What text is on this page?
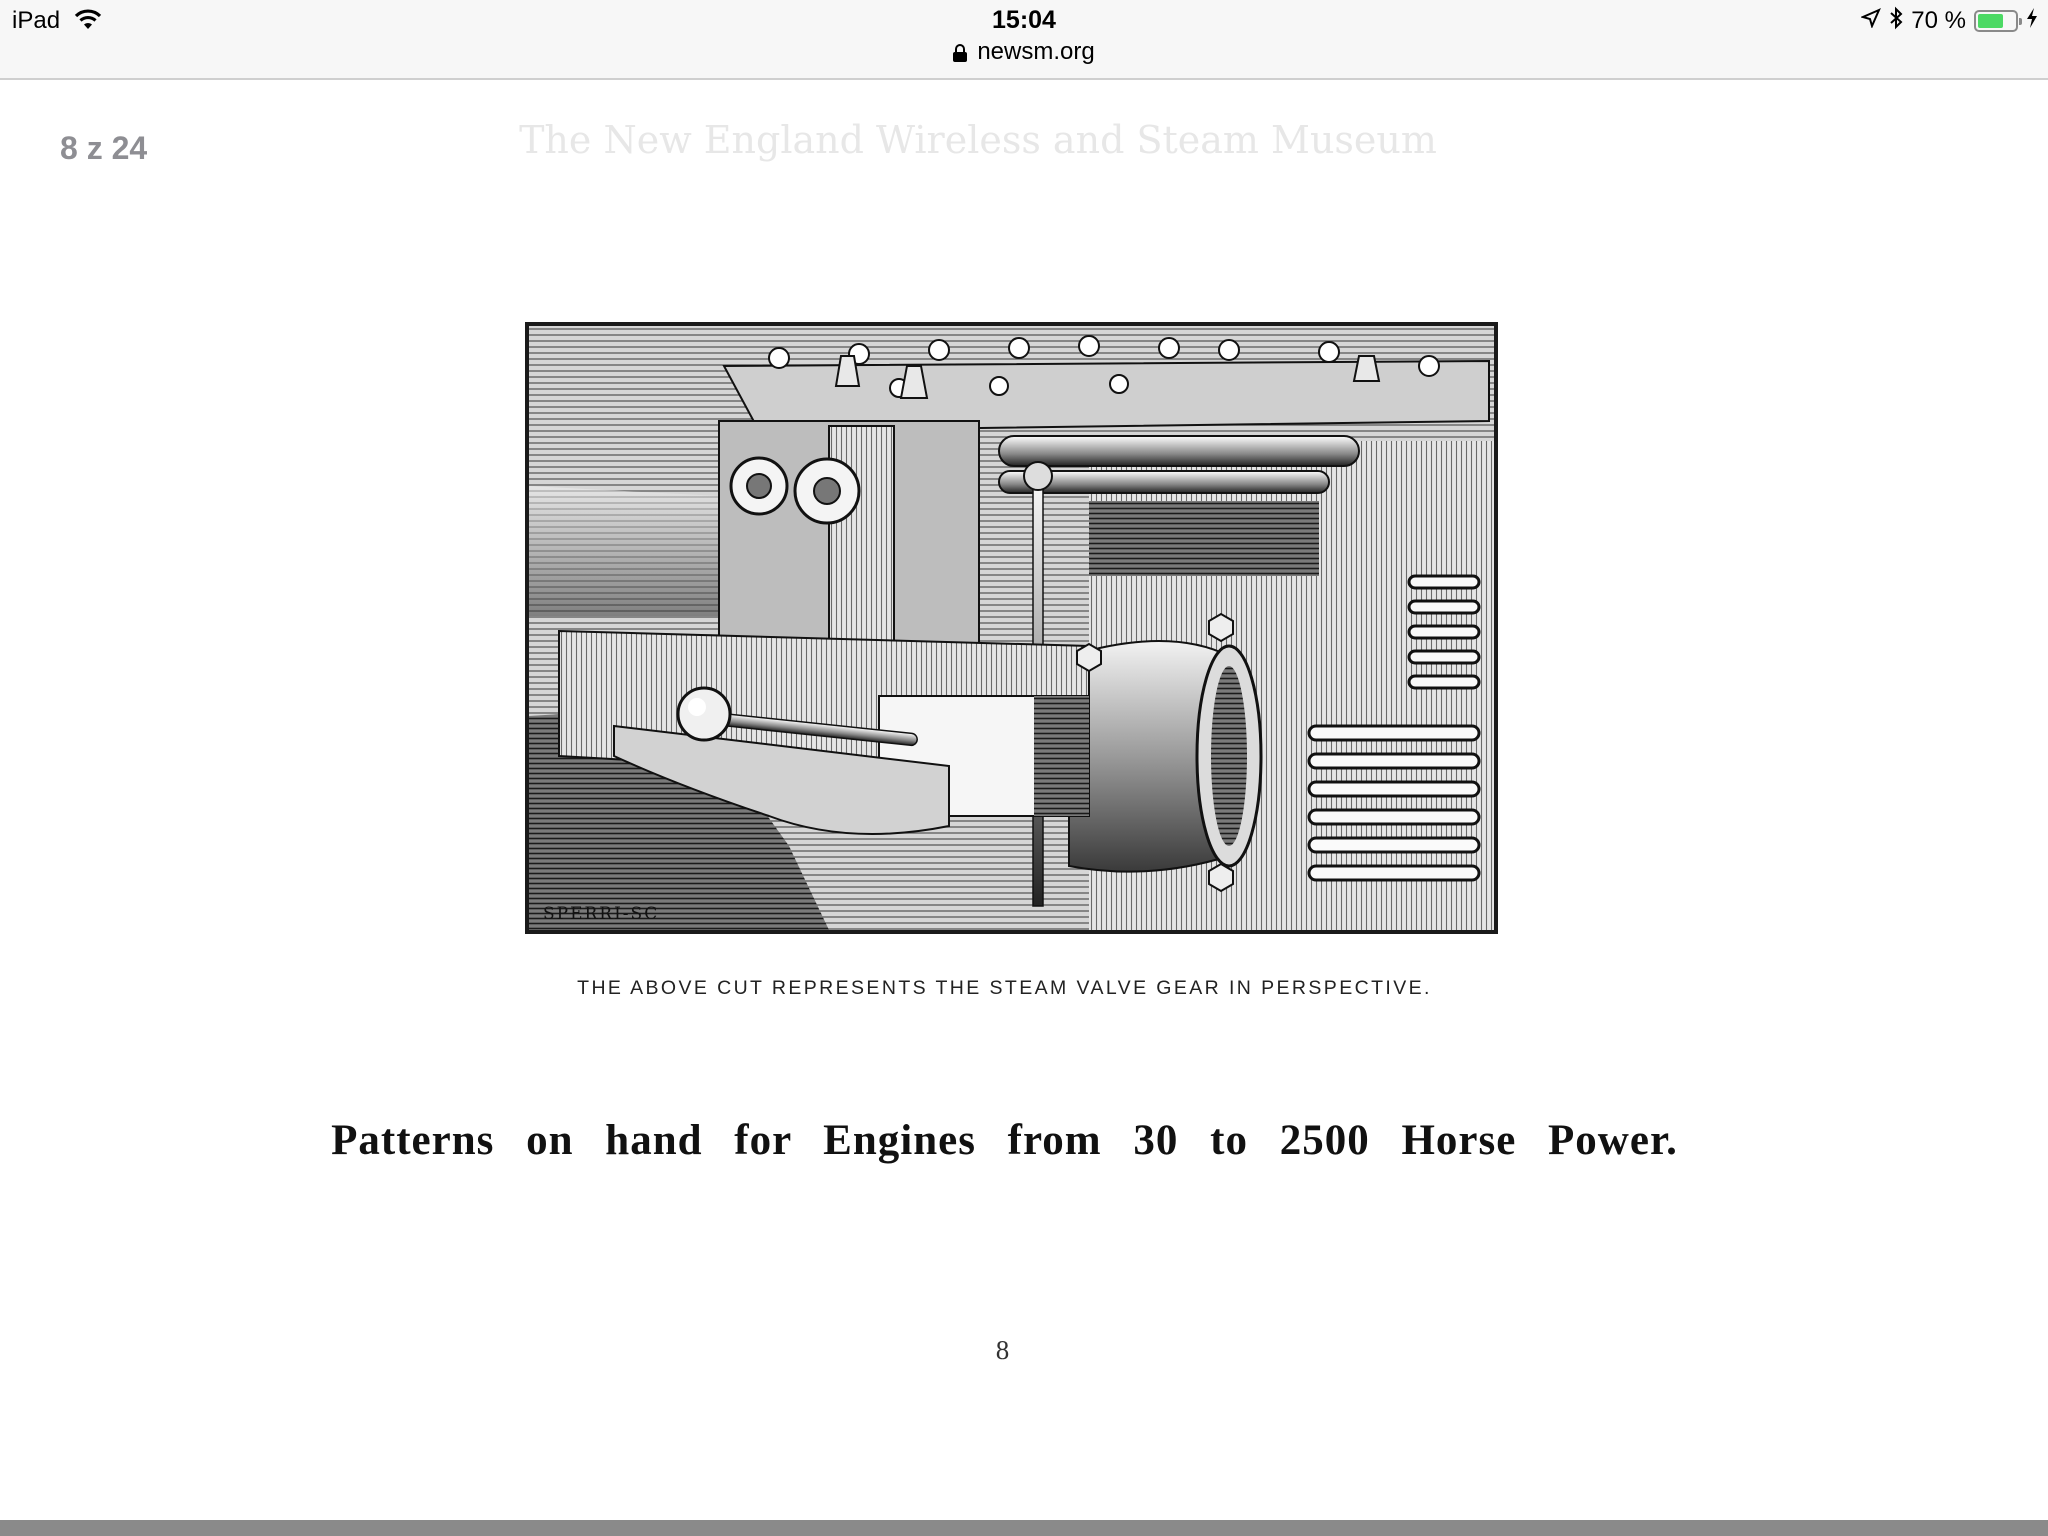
iPad	15:04	70 %
newsm.org
8 z 24	The New England Wireless and Steam Museum
SPERRI-SC
THE ABOVE CUT REPRESENTS THE STEAM VALVE GEAR IN PERSPECTIVE.
Patterns on hand for Engines from 30 to 2500 Horse Power.
8
